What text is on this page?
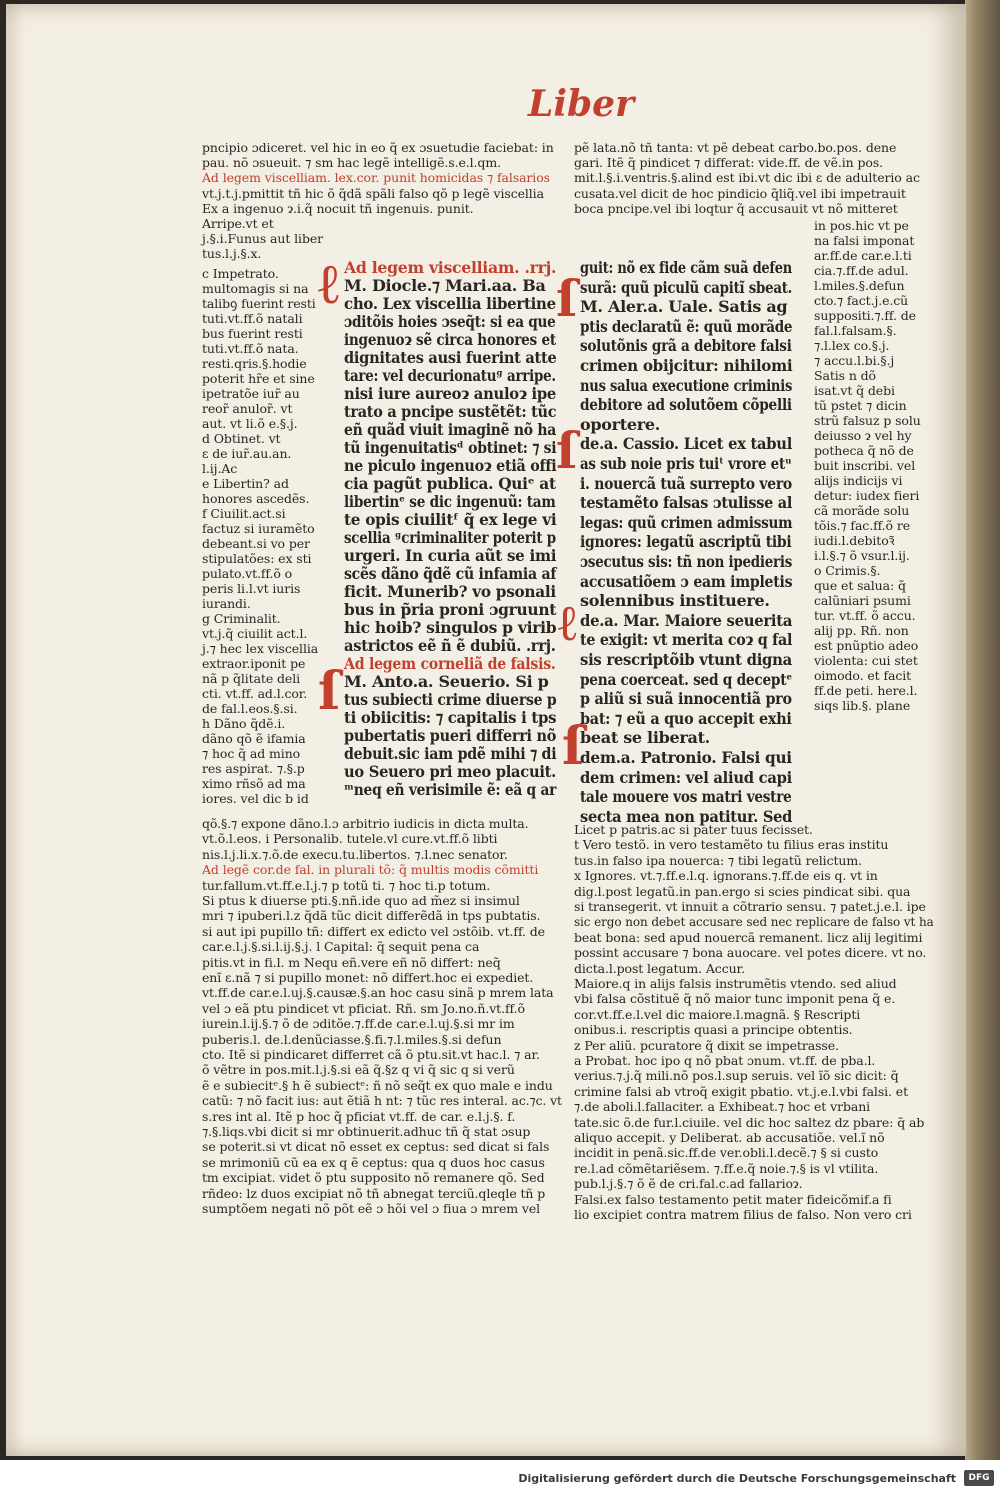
Liber
ℓ	ſ
ſ
ℓ
ſ
ſ
pncipio ɔdiceret. vel hic in eo q̃ ex ɔsuetudie faciebat: in
pau. nõ ɔsueuit. ⁊ sm hac legẽ intelligẽ.s.e.l.qm.
Ad legem viscelliam. lex.cor. punit homicidas ⁊ falsarios
vt.j.t.j.pmittit tñ hic õ q̃dã spãli falso qõ p legẽ viscellia
Ex a ingenuo ɂ.i.q̃ nocuit tñ ingenuis. punit.
Arripe.vt et
j.§.i.Funus aut liber
tus.l.j.§.x.
pẽ lata.nõ tñ tanta: vt pẽ debeat carbo.bo.pos. dene
gari. Itẽ q̃ pindicet ⁊ differat: vide.ff. de vẽ.in pos.
mit.l.§.i.ventris.§.alind est ibi.vt dic ibi ɛ de adulterio ac
cusata.vel dicit de hoc pindicio q̃liq̃.vel ibi impetrauit
boca pncipe.vel ibi loqtur q̃ accusauit vt nõ mitteret
c Impetrato.
multomagis si na
talibꝯ fuerint resti
tuti.vt.ff.õ natali
bus fuerint resti
tuti.vt.ff.õ nata.
resti.qris.§.hodie
poterit hr̃e et sine
ipetratõe iur̃ au
reor̃ anulor̃. vt
aut. vt li.õ e.§.j.
d Obtinet. vt
ɛ de iur̃.au.an.
l.ij.Ac
e Libertin? ad
honores ascedẽs.
f Ciuilit.act.si
factuz si iuramẽto
debeant.si vo per
stipulatões: ex sti
pulato.vt.ff.õ o
peris li.l.vt iuris
iurandi.
g Criminalit.
vt.j.q̃ ciuilit act.l.
j.⁊ hec lex viscellia
extraor.iponit pe
nã p q̃litate deli
cti. vt.ff. ad.l.cor.
de fal.l.eos.§.si.
h Dãno q̃dẽ.i.
dãno qõ ẽ ifamia
⁊ hoc q̃ ad mino
res aspirat. ⁊.§.p
ximo rñsõ ad ma
iores. vel dic b id
Ad legem viscelliam. .rrj.
M. Diocle.⁊ Mari.aa. Ba
cho. Lex viscellia libertine
ɔditõis hoies ɔseq̃t: si ea que
ingenuoɂ sẽ circa honores et
dignitates ausi fuerint atte
tare: vel decurionatuᵍ arripe.
nisi iure aureoɂ anuloɂ ipe
trato a pncipe sustẽtẽt: tũc
eñ quãd viuit imaginẽ nõ ha
tũ ingenuitatisᵈ obtinet: ⁊ si
ne piculo ingenuoɂ etiã offi
cia pagũt publica. Quiᵉ at
libertinᵉ se dic ingenuũ: tam
te opis ciuilitᶠ q̃ ex lege vi
scellia ᵍcriminaliter poterit p
urgeri. In curia aũt se imi
scẽs dãno q̃dẽ cũ infamia af
ficit. Munerib? vo psonali
bus in p̃ria proni ɔgruunt
hic hoib? singulos p virib
astrictos eẽ ñ ẽ dubiũ. .rrj.
Ad legem corneliã de falsis.
M. Anto.a. Seuerio. Si p
tus subiecti crime diuerse p
ti obiicitis: ⁊ capitalis i tps
pubertatis pueri differri nõ
debuit.sic iam pdẽ mihi ⁊ di
uo Seuero pri meo placuit.
ᵐneq eñ verisimile ẽ: eã q ar
guit: nõ ex fide cãm suã defen
surã: quũ piculũ capitĩ sbeat.
M. Aler.a. Uale. Satis ag
ptis declaratũ ẽ: quũ morãde
solutõnis grã a debitore falsi
crimen obijcitur: nihilomi
nus salua executione criminis
debitore ad solutõem cõpelli
oportere.
de.a. Cassio. Licet ex tabul
as sub noie pris tuiᵗ vrore etᵘ
i. nouercã tuã surrepto vero
testamẽto falsas ɔtulisse al
legas: quũ crimen admissum
ignores: legatũ ascriptũ tibi
ɔsecutus sis: tñ non ipedieris
accusatiõem ɔ eam impletis
solennibus instituere.
de.a. Mar. Maiore seuerita
te exigit: vt merita coɂ q fal
sis rescriptõib vtunt digna
pena coerceat. sed q deceptᵉ
p aliũ si suã innocentiã pro
bat: ⁊ eũ a quo accepit exhi
beat se liberat.
dem.a. Patronio. Falsi qui
dem crimen: vel aliud capi
tale mouere vos matri vestre
secta mea non patitur. Sed
in pos.hic vt pe
na falsi imponat
ar.ff.de car.e.l.ti
cia.⁊.ff.de adul.
l.miles.§.defun
cto.⁊ fact.j.e.cũ
suppositi.⁊.ff. de
fal.l.falsam.§.
⁊.l.lex co.§.j.
⁊ accu.l.bi.§.j
Satis n dõ
isat.vt q̃ debi
tũ pstet ⁊ dicin
strũ falsuz p solu
deiusso ɂ vel hy
potheca q̃ nõ de
buit inscribi. vel
alijs indicijs vi
detur: iudex fieri
cã morãde solu
tõis.⁊ fac.ff.õ re
iudi.l.debitoꝛ̃
i.l.§.⁊ õ vsur.l.ij.
o Crimis.§.
que et salua: q̃
calũniari psumi
tur. vt.ff. õ accu.
alij pp. Rñ. non
est pnũptio adeo
violenta: cui stet
oimodo. et facit
ff.de peti. here.l.
siqs lib.§. plane
qõ.§.⁊ expone dãno.l.ɔ arbitrio iudicis in dicta multa.
vt.õ.l.eos. i Personalib. tutele.vl cure.vt.ff.õ libti
nis.l.j.li.x.⁊.õ.de execu.tu.libertos. ⁊.l.nec senator.
Ad legẽ cor.de fal. in plurali tõ: q̃ multis modis cõmitti
tur.fallum.vt.ff.e.l.j.⁊ p totũ ti. ⁊ hoc ti.p totum.
Si ptus k diuerse pti.§.nñ.ide quo ad m̃ez si insimul
mri ⁊ ipuberi.l.z q̃dã tũc dicit differẽdã in tps pubtatis.
si aut ipi pupillo tñ: differt ex edicto vel ɔstõib. vt.ff. de
car.e.l.j.§.si.l.ij.§.j. l Capital: q̃ sequit pena ca
pitis.vt in fi.l. m Nequ eñ.vere eñ nõ differt: neq̃
enĩ ɛ.nã ⁊ si pupillo monet: nõ differt.hoc ei expediet.
vt.ff.de car.e.l.uj.§.causæ.§.an hoc casu sinã p mrem lata
vel ɔ eã ptu pindicet vt pficiat. Rñ. sm Jo.no.ñ.vt.ff.õ
iurein.l.ij.§.⁊ õ de ɔditõe.⁊.ff.de car.e.l.uj.§.si mr im
puberis.l. de.l.denũciasse.§.fi.⁊.l.miles.§.si defun
cto. Itẽ si pindicaret differret cã õ ptu.sit.vt hac.l. ⁊ ar.
õ vẽtre in pos.mit.l.j.§.si eã q̃.§z q vi q̃ sic q si verũ
ẽ e subiecitᵉ.§ h ẽ subiectᵉ: ñ nõ seq̃t ex quo male e indu
catũ: ⁊ nõ facit ius: aut ẽtiã h nt: ⁊ tũc res interal. ac.⁊c. vt
s.res int al. Itẽ p hoc q̃ pficiat vt.ff. de car. e.l.j.§. f.
⁊.§.liqs.vbi dicit si mr obtinuerit.adhuc tñ q̃ stat ɔsup
se poterit.si vt dicat nõ esset ex ceptus: sed dicat si fals
se mrimoniũ cũ ea ex q ẽ ceptus: qua q duos hoc casus
tm excipiat. videt õ ptu supposito nõ remanere qõ. Sed
rñdeo: lz duos excipiat nõ tñ abnegat terciũ.qleqle tñ p
sumptõem negati nõ põt eẽ ɔ hõi vel ɔ fiua ɔ mrem vel
Licet p patris.ac si pater tuus fecisset.
t Vero testõ. in vero testamẽto tu filius eras institu
tus.in falso ipa nouerca: ⁊ tibi legatũ relictum.
x Ignores. vt.⁊.ff.e.l.q. ignorans.⁊.ff.de eis q. vt in
dig.l.post legatũ.in pan.ergo si scies pindicat sibi. qua
si transegerit. vt innuit a cõtrario sensu. ⁊ patet.j.e.l. ipe
sic ergo non debet accusare sed nec replicare de falso vt ha
beat bona: sed apud nouercã remanent. licz alij legitimi
possint accusare ⁊ bona auocare. vel potes dicere. vt no.
dicta.l.post legatum. Accur.
Maiore.q in alijs falsis instrumẽtis vtendo. sed aliud
vbi falsa cõstituẽ q̃ nõ maior tunc imponit pena q̃ e.
cor.vt.ff.e.l.vel dic maiore.l.magnã. § Rescripti
onibus.i. rescriptis quasi a principe obtentis.
z Per aliũ. pcuratore q̃ dixit se impetrasse.
a Probat. hoc ipo q nõ pbat ɔnum. vt.ff. de pba.l.
verius.⁊.j.q̃ mili.nõ pos.l.sup seruis. vel ĩõ sic dicit: q̃
crimine falsi ab vtroq̃ exigit pbatio. vt.j.e.l.vbi falsi. et
⁊.de aboli.l.fallaciter. a Exhibeat.⁊ hoc et vrbani
tate.sic õ.de fur.l.ciuile. vel dic hoc saltez dz pbare: q̃ ab
aliquo accepit. y Deliberat. ab accusatiõe. vel.ĩ nõ
incidit in penã.sic.ff.de ver.obli.l.decẽ.⁊ § si custo
re.l.ad cõmẽtariẽsem. ⁊.ff.e.q̃ noie.⁊.§ is vl vtilita.
pub.l.j.§.⁊ õ ẽ de cri.fal.c.ad fallarioɂ.
Falsi.ex falso testamento petit mater fideicõmif.a fi
lio excipiet contra matrem filius de falso. Non vero cri
Digitalisierung gefördert durch die Deutsche Forschungsgemeinschaft	DFG
